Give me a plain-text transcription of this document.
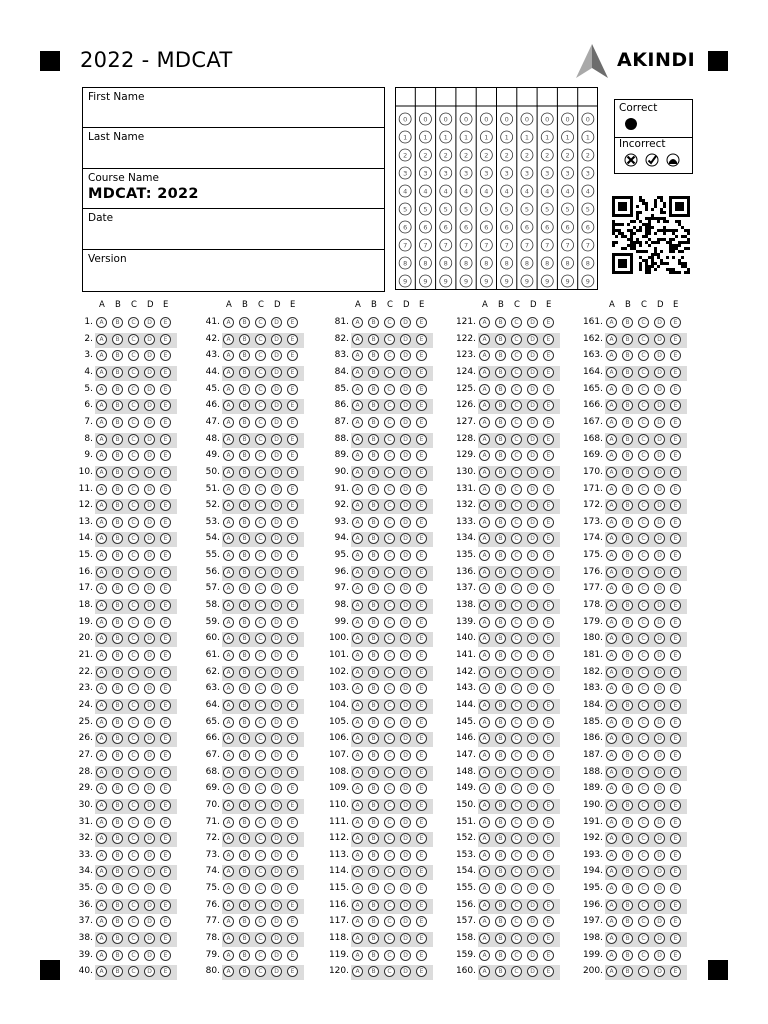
2022 - MDCAT	AKINDI
First Name
Last Name
Course Name
MDCAT: 2022
Date
Version
0
1
2
3
4
5
6
7
8
9
0
1
2
3
4
5
6
7
8
9
0
1
2
3
4
5
6
7
8
9
0
1
2
3
4
5
6
7
8
9
0
1
2
3
4
5
6
7
8
9
0
1
2
3
4
5
6
7
8
9
0
1
2
3
4
5
6
7
8
9
0
1
2
3
4
5
6
7
8
9
0
1
2
3
4
5
6
7
8
9
0
1
2
3
4
5
6
7
8
9
Correct
Incorrect
A B C D E
1.	A	B	C	D	E
2.	A	B	C	D	E
3.	A	B	C	D	E
4.	A	B	C	D	E
5.	A	B	C	D	E
6.	A	B	C	D	E
7.	A	B	C	D	E
8.	A	B	C	D	E
9.	A	B	C	D	E
10.	A	B	C	D	E
11.	A	B	C	D	E
12.	A	B	C	D	E
13.	A	B	C	D	E
14.	A	B	C	D	E
15.	A	B	C	D	E
16.	A	B	C	D	E
17.	A	B	C	D	E
18.	A	B	C	D	E
19.	A	B	C	D	E
20.	A	B	C	D	E
21.	A	B	C	D	E
22.	A	B	C	D	E
23.	A	B	C	D	E
24.	A	B	C	D	E
25.	A	B	C	D	E
26.	A	B	C	D	E
27.	A	B	C	D	E
28.	A	B	C	D	E
29.	A	B	C	D	E
30.	A	B	C	D	E
31.	A	B	C	D	E
32.	A	B	C	D	E
33.	A	B	C	D	E
34.	A	B	C	D	E
35.	A	B	C	D	E
36.	A	B	C	D	E
37.	A	B	C	D	E
38.	A	B	C	D	E
39.	A	B	C	D	E
40.	A	B	C	D	E
A B C D E
41.	A	B	C	D	E
42.	A	B	C	D	E
43.	A	B	C	D	E
44.	A	B	C	D	E
45.	A	B	C	D	E
46.	A	B	C	D	E
47.	A	B	C	D	E
48.	A	B	C	D	E
49.	A	B	C	D	E
50.	A	B	C	D	E
51.	A	B	C	D	E
52.	A	B	C	D	E
53.	A	B	C	D	E
54.	A	B	C	D	E
55.	A	B	C	D	E
56.	A	B	C	D	E
57.	A	B	C	D	E
58.	A	B	C	D	E
59.	A	B	C	D	E
60.	A	B	C	D	E
61.	A	B	C	D	E
62.	A	B	C	D	E
63.	A	B	C	D	E
64.	A	B	C	D	E
65.	A	B	C	D	E
66.	A	B	C	D	E
67.	A	B	C	D	E
68.	A	B	C	D	E
69.	A	B	C	D	E
70.	A	B	C	D	E
71.	A	B	C	D	E
72.	A	B	C	D	E
73.	A	B	C	D	E
74.	A	B	C	D	E
75.	A	B	C	D	E
76.	A	B	C	D	E
77.	A	B	C	D	E
78.	A	B	C	D	E
79.	A	B	C	D	E
80.	A	B	C	D	E
A B C D E
81.	A	B	C	D	E
82.	A	B	C	D	E
83.	A	B	C	D	E
84.	A	B	C	D	E
85.	A	B	C	D	E
86.	A	B	C	D	E
87.	A	B	C	D	E
88.	A	B	C	D	E
89.	A	B	C	D	E
90.	A	B	C	D	E
91.	A	B	C	D	E
92.	A	B	C	D	E
93.	A	B	C	D	E
94.	A	B	C	D	E
95.	A	B	C	D	E
96.	A	B	C	D	E
97.	A	B	C	D	E
98.	A	B	C	D	E
99.	A	B	C	D	E
100.	A	B	C	D	E
101.	A	B	C	D	E
102.	A	B	C	D	E
103.	A	B	C	D	E
104.	A	B	C	D	E
105.	A	B	C	D	E
106.	A	B	C	D	E
107.	A	B	C	D	E
108.	A	B	C	D	E
109.	A	B	C	D	E
110.	A	B	C	D	E
111.	A	B	C	D	E
112.	A	B	C	D	E
113.	A	B	C	D	E
114.	A	B	C	D	E
115.	A	B	C	D	E
116.	A	B	C	D	E
117.	A	B	C	D	E
118.	A	B	C	D	E
119.	A	B	C	D	E
120.	A	B	C	D	E
A B C D E
121.	A	B	C	D	E
122.	A	B	C	D	E
123.	A	B	C	D	E
124.	A	B	C	D	E
125.	A	B	C	D	E
126.	A	B	C	D	E
127.	A	B	C	D	E
128.	A	B	C	D	E
129.	A	B	C	D	E
130.	A	B	C	D	E
131.	A	B	C	D	E
132.	A	B	C	D	E
133.	A	B	C	D	E
134.	A	B	C	D	E
135.	A	B	C	D	E
136.	A	B	C	D	E
137.	A	B	C	D	E
138.	A	B	C	D	E
139.	A	B	C	D	E
140.	A	B	C	D	E
141.	A	B	C	D	E
142.	A	B	C	D	E
143.	A	B	C	D	E
144.	A	B	C	D	E
145.	A	B	C	D	E
146.	A	B	C	D	E
147.	A	B	C	D	E
148.	A	B	C	D	E
149.	A	B	C	D	E
150.	A	B	C	D	E
151.	A	B	C	D	E
152.	A	B	C	D	E
153.	A	B	C	D	E
154.	A	B	C	D	E
155.	A	B	C	D	E
156.	A	B	C	D	E
157.	A	B	C	D	E
158.	A	B	C	D	E
159.	A	B	C	D	E
160.	A	B	C	D	E
A B C D E
161.	A	B	C	D	E
162.	A	B	C	D	E
163.	A	B	C	D	E
164.	A	B	C	D	E
165.	A	B	C	D	E
166.	A	B	C	D	E
167.	A	B	C	D	E
168.	A	B	C	D	E
169.	A	B	C	D	E
170.	A	B	C	D	E
171.	A	B	C	D	E
172.	A	B	C	D	E
173.	A	B	C	D	E
174.	A	B	C	D	E
175.	A	B	C	D	E
176.	A	B	C	D	E
177.	A	B	C	D	E
178.	A	B	C	D	E
179.	A	B	C	D	E
180.	A	B	C	D	E
181.	A	B	C	D	E
182.	A	B	C	D	E
183.	A	B	C	D	E
184.	A	B	C	D	E
185.	A	B	C	D	E
186.	A	B	C	D	E
187.	A	B	C	D	E
188.	A	B	C	D	E
189.	A	B	C	D	E
190.	A	B	C	D	E
191.	A	B	C	D	E
192.	A	B	C	D	E
193.	A	B	C	D	E
194.	A	B	C	D	E
195.	A	B	C	D	E
196.	A	B	C	D	E
197.	A	B	C	D	E
198.	A	B	C	D	E
199.	A	B	C	D	E
200.	A	B	C	D	E
